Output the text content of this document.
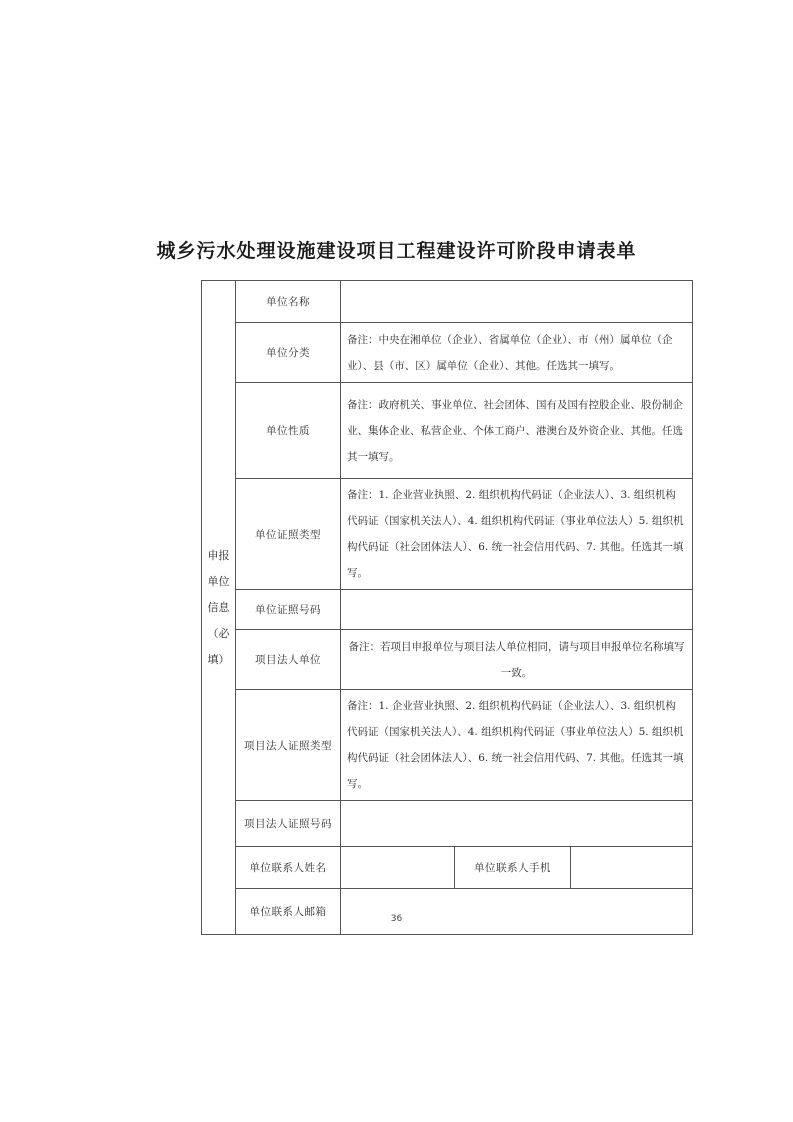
城乡污水处理设施建设项目工程建设许可阶段申请表单
申报单位信息（必填）	单位名称			
	单位分类	备注：中央在湘单位（企业）、省属单位（企业）、市（州）属单位（企业）、县（市、区）属单位（企业）、其他。任选其一填写。		
	单位性质	备注：政府机关、事业单位、社会团体、国有及国有控股企业、股份制企业、集体企业、私营企业、个体工商户、港澳台及外资企业、其他。任选其一填写。		
	单位证照类型	备注：1. 企业营业执照、2. 组织机构代码证（企业法人）、3. 组织机构代码证（国家机关法人）、4. 组织机构代码证（事业单位法人）5. 组织机构代码证（社会团体法人）、6. 统一社会信用代码、7. 其他。任选其一填写。		
	单位证照号码			
	项目法人单位	备注：若项目申报单位与项目法人单位相同，请与项目申报单位名称填写一致。		
	项目法人证照类型	备注：1. 企业营业执照、2. 组织机构代码证（企业法人）、3. 组织机构代码证（国家机关法人）、4. 组织机构代码证（事业单位法人）5. 组织机构代码证（社会团体法人）、6. 统一社会信用代码、7. 其他。任选其一填写。		
	项目法人证照号码			
	单位联系人姓名		单位联系人手机	
	单位联系人邮箱			
36
